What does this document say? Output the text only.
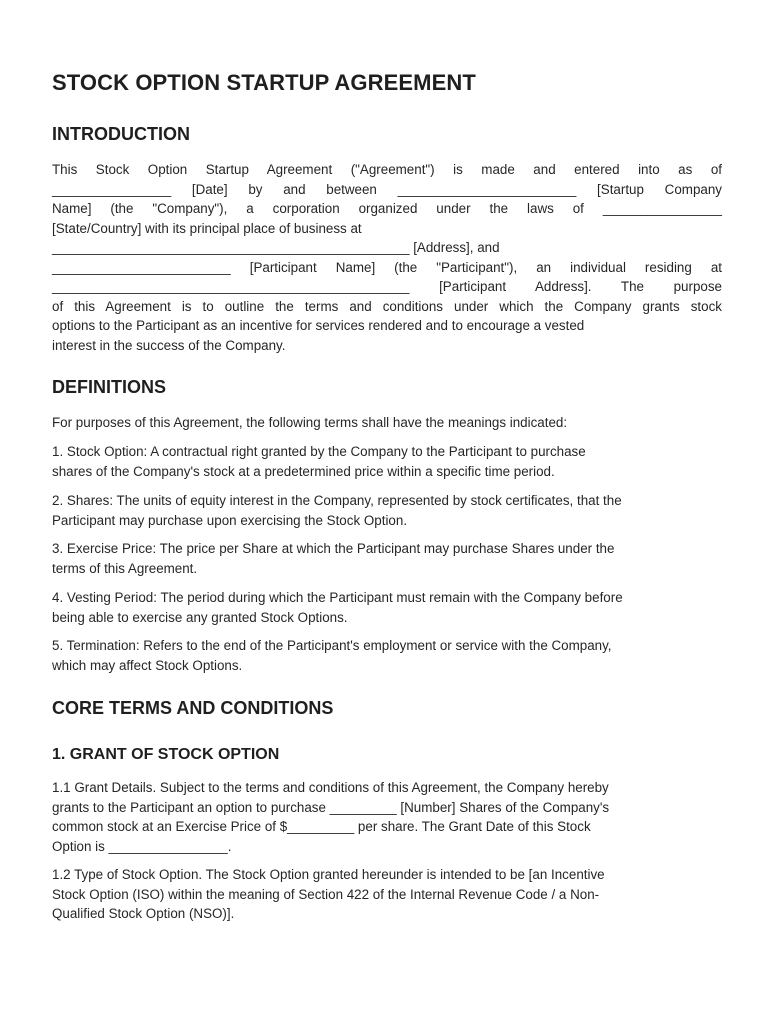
STOCK OPTION STARTUP AGREEMENT
INTRODUCTION
This Stock Option Startup Agreement ("Agreement") is made and entered into as of
________________ [Date] by and between ________________________ [Startup Company
Name] (the "Company"), a corporation organized under the laws of ________________
[State/Country] with its principal place of business at
________________________________________________ [Address], and
________________________ [Participant Name] (the "Participant"), an individual residing at
________________________________________________ [Participant Address]. The purpose
of this Agreement is to outline the terms and conditions under which the Company grants stock
options to the Participant as an incentive for services rendered and to encourage a vested
interest in the success of the Company.
DEFINITIONS

For purposes of this Agreement, the following terms shall have the meanings indicated:

1. Stock Option: A contractual right granted by the Company to the Participant to purchase
shares of the Company's stock at a predetermined price within a specific time period.
2. Shares: The units of equity interest in the Company, represented by stock certificates, that the
Participant may purchase upon exercising the Stock Option.
3. Exercise Price: The price per Share at which the Participant may purchase Shares under the
terms of this Agreement.
4. Vesting Period: The period during which the Participant must remain with the Company before
being able to exercise any granted Stock Options.
5. Termination: Refers to the end of the Participant's employment or service with the Company,
which may affect Stock Options.
CORE TERMS AND CONDITIONS
1. GRANT OF STOCK OPTION
1.1 Grant Details. Subject to the terms and conditions of this Agreement, the Company hereby
grants to the Participant an option to purchase _________ [Number] Shares of the Company's
common stock at an Exercise Price of $_________ per share. The Grant Date of this Stock
Option is ________________.
1.2 Type of Stock Option. The Stock Option granted hereunder is intended to be [an Incentive
Stock Option (ISO) within the meaning of Section 422 of the Internal Revenue Code / a Non-
Qualified Stock Option (NSO)].
